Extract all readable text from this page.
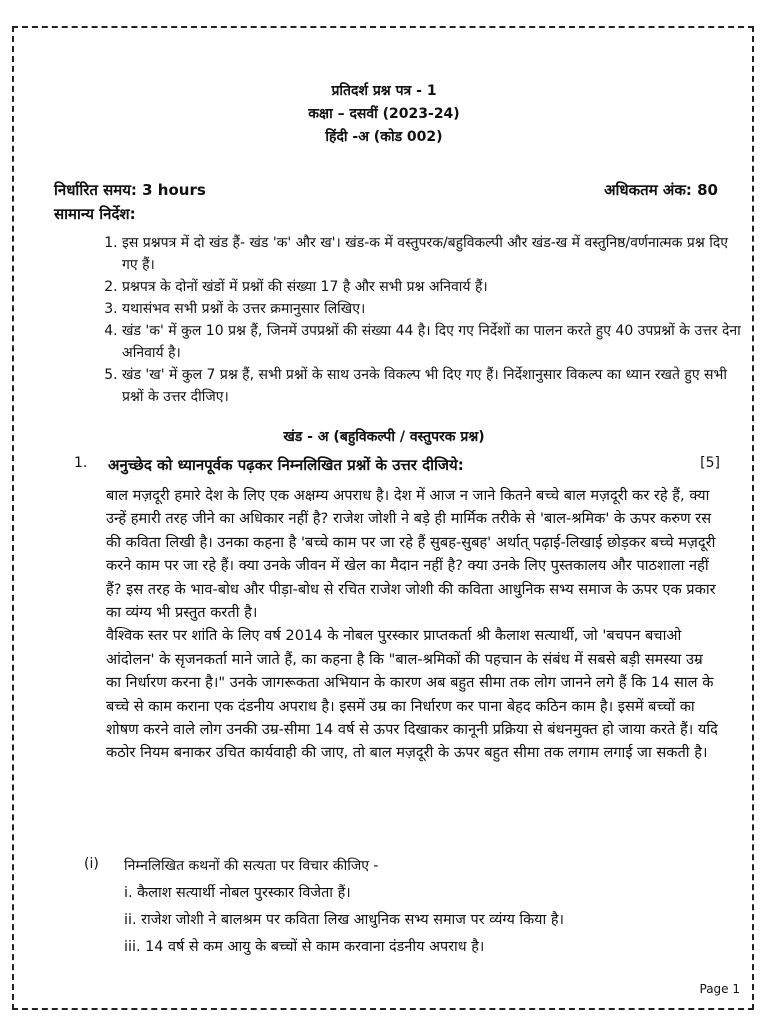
प्रतिदर्श प्रश्न पत्र - 1
कक्षा – दसवीं (2023-24)
हिंदी -अ (कोड 002)
निर्धारित समय: 3 hours	अधिकतम अंक: 80
सामान्य निर्देश:
1. इस प्रश्नपत्र में दो खंड हैं- खंड 'क' और ख'। खंड-क में वस्तुपरक/बहुविकल्पी और खंड-ख में वस्तुनिष्ठ/वर्णनात्मक प्रश्न दिए गए हैं।
2. प्रश्नपत्र के दोनों खंडों में प्रश्नों की संख्या 17 है और सभी प्रश्न अनिवार्य हैं।
3. यथासंभव सभी प्रश्नों के उत्तर क्रमानुसार लिखिए।
4. खंड 'क' में कुल 10 प्रश्न हैं, जिनमें उपप्रश्नों की संख्या 44 है। दिए गए निर्देशों का पालन करते हुए 40 उपप्रश्नों के उत्तर देना अनिवार्य है।
5. खंड 'ख' में कुल 7 प्रश्न हैं, सभी प्रश्नों के साथ उनके विकल्प भी दिए गए हैं। निर्देशानुसार विकल्प का ध्यान रखते हुए सभी प्रश्नों के उत्तर दीजिए।
खंड - अ (बहुविकल्पी / वस्तुपरक प्रश्न)
1. अनुच्छेद को ध्यानपूर्वक पढ़कर निम्नलिखित प्रश्नों के उत्तर दीजिये:	[5]

बाल मज़दूरी हमारे देश के लिए एक अक्षम्य अपराध है। देश में आज न जाने कितने बच्चे बाल मज़दूरी कर रहे हैं, क्या उन्हें हमारी तरह जीने का अधिकार नहीं है? राजेश जोशी ने बड़े ही मार्मिक तरीके से 'बाल-श्रमिक' के ऊपर करुण रस की कविता लिखी है। उनका कहना है 'बच्चे काम पर जा रहे हैं सुबह-सुबह' अर्थात् पढ़ाई-लिखाई छोड़कर बच्चे मज़दूरी करने काम पर जा रहे हैं। क्या उनके जीवन में खेल का मैदान नहीं है? क्या उनके लिए पुस्तकालय और पाठशाला नहीं हैं? इस तरह के भाव-बोध और पीड़ा-बोध से रचित राजेश जोशी की कविता आधुनिक सभ्य समाज के ऊपर एक प्रकार का व्यंग्य भी प्रस्तुत करती है।

वैश्विक स्तर पर शांति के लिए वर्ष 2014 के नोबल पुरस्कार प्राप्तकर्ता श्री कैलाश सत्यार्थी, जो 'बचपन बचाओ आंदोलन' के सृजनकर्ता माने जाते हैं, का कहना है कि "बाल-श्रमिकों की पहचान के संबंध में सबसे बड़ी समस्या उम्र का निर्धारण करना है।" उनके जागरूकता अभियान के कारण अब बहुत सीमा तक लोग जानने लगे हैं कि 14 साल के बच्चे से काम कराना एक दंडनीय अपराध है। इसमें उम्र का निर्धारण कर पाना बेहद कठिन काम है। इसमें बच्चों का शोषण करने वाले लोग उनकी उम्र-सीमा 14 वर्ष से ऊपर दिखाकर कानूनी प्रक्रिया से बंधनमुक्त हो जाया करते हैं। यदि कठोर नियम बनाकर उचित कार्यवाही की जाए, तो बाल मज़दूरी के ऊपर बहुत सीमा तक लगाम लगाई जा सकती है।

(i) निम्नलिखित कथनों की सत्यता पर विचार कीजिए -
i. कैलाश सत्यार्थी नोबल पुरस्कार विजेता हैं।
ii. राजेश जोशी ने बालश्रम पर कविता लिख आधुनिक सभ्य समाज पर व्यंग्य किया है।
iii. 14 वर्ष से कम आयु के बच्चों से काम करवाना दंडनीय अपराध है।
Page 1
